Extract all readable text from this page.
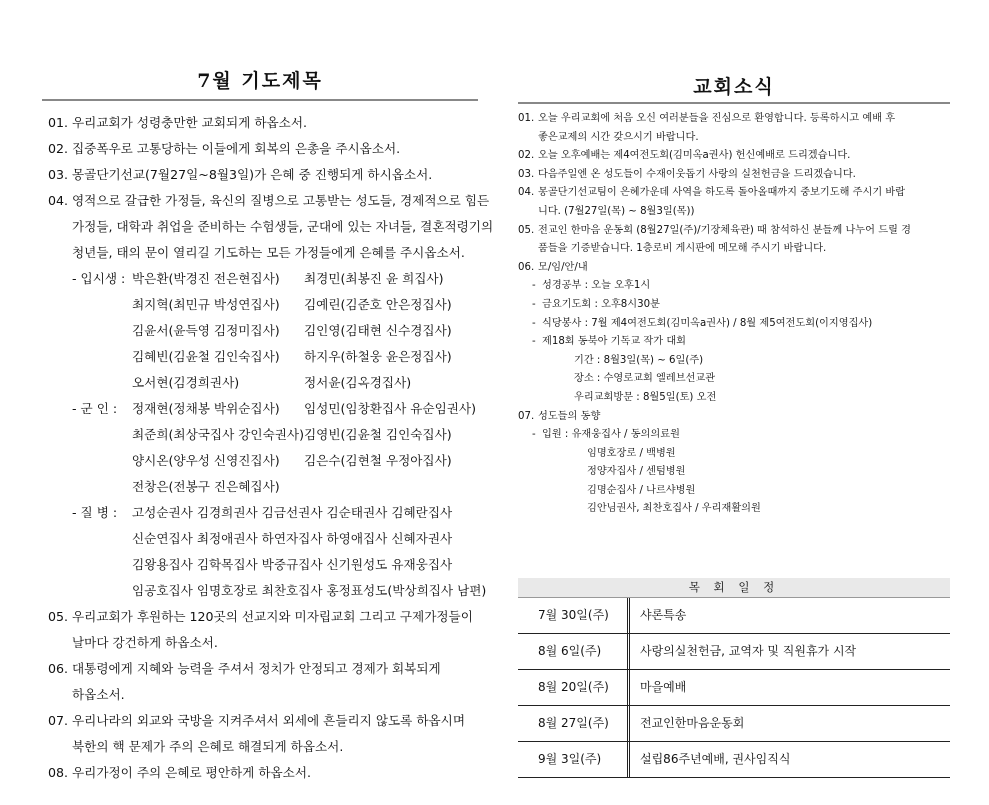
7월 기도제목
01. 우리교회가 성령충만한 교회되게 하옵소서.
02. 집중폭우로 고통당하는 이들에게 회복의 은총을 주시옵소서.
03. 몽골단기선교(7월27일~8월3일)가 은혜 중 진행되게 하시옵소서.
04. 영적으로 갈급한 가정들, 육신의 질병으로 고통받는 성도들, 경제적으로 힘든
가정들, 대학과 취업을 준비하는 수험생들, 군대에 있는 자녀들, 결혼적령기의
청년들, 태의 문이 열리길 기도하는 모든 가정들에게 은혜를 주시옵소서.
- 입시생 : 박은환(박경진 전은현집사) 최경민(최봉진 윤 희집사)
최지혁(최민규 박성연집사) 김예린(김준호 안은정집사)
김윤서(윤득영 김정미집사) 김인영(김태현 신수경집사)
김혜빈(김윤철 김인숙집사) 하지우(하철웅 윤은정집사)
오서현(김경희권사)	정서윤(김옥경집사)
- 군 인 :	정재현(정채봉 박위순집사) 임성민(임창환집사 유순임권사)
최준희(최상국집사 강인숙권사)김영빈(김윤철 김인숙집사)
양시온(양우성 신영진집사) 김은수(김현철 우정아집사)
전창은(전봉구 진은혜집사)
- 질 병 :	고성순권사 김경희권사 김금선권사 김순태권사 김혜란집사
신순연집사 최정애권사 하연자집사 하영애집사 신혜자권사
김왕용집사 김학목집사 박중규집사 신기원성도 유재웅집사
임공호집사 임명호장로 최찬호집사 홍정표성도(박상희집사 남편)
05. 우리교회가 후원하는 120곳의 선교지와 미자립교회 그리고 구제가정들이
날마다 강건하게 하옵소서.
06. 대통령에게 지혜와 능력을 주셔서 정치가 안정되고 경제가 회복되게
하옵소서.
07. 우리나라의 외교와 국방을 지켜주셔서 외세에 흔들리지 않도록 하옵시며
북한의 핵 문제가 주의 은혜로 해결되게 하옵소서.
08. 우리가정이 주의 은혜로 평안하게 하옵소서.
교회소식
01. 오늘 우리교회에 처음 오신 여러분들을 진심으로 환영합니다. 등록하시고 예배 후
좋은교제의 시간 갖으시기 바랍니다.
02. 오늘 오후예배는 제4여전도회(김미옥a권사) 헌신예배로 드리겠습니다.
03. 다음주일엔 온 성도들이 수재이웃돕기 사랑의 실천헌금을 드리겠습니다.
04. 몽골단기선교팀이 은혜가운데 사역을 하도록 돌아올때까지 중보기도해 주시기 바랍
니다. (7월27일(목) ~ 8월3일(목))
05. 전교인 한마음 운동회 (8월27일(주)/기장체육관) 때 참석하신 분들께 나누어 드릴 경
품들을 기증받습니다. 1층로비 게시판에 메모해 주시기 바랍니다.
06. 모/임/안/내
- 성경공부 : 오늘 오후1시
- 금요기도회 : 오후8시30분
- 식당봉사 : 7월 제4여전도회(김미옥a권사) / 8월 제5여전도회(이지영집사)
- 제18회 동북아 기독교 작가 대회
기간 : 8월3일(목) ~ 6일(주)
장소 : 수영로교회 엘레브선교관
우리교회방문 : 8월5일(토) 오전
07. 성도들의 동향
- 입원 : 유재웅집사 / 동의의료원
임명호장로 / 백병원
정양자집사 / 센텀병원
김명순집사 / 나르샤병원
김안님권사, 최찬호집사 / 우리재활의원
목 회 일 정
7월 30일(주)	샤론특송
8월 6일(주)	사랑의실천헌금, 교역자 및 직원휴가 시작
8월 20일(주)	마을예배
8월 27일(주)	전교인한마음운동회
9월 3일(주)	설립86주년예배, 권사임직식
